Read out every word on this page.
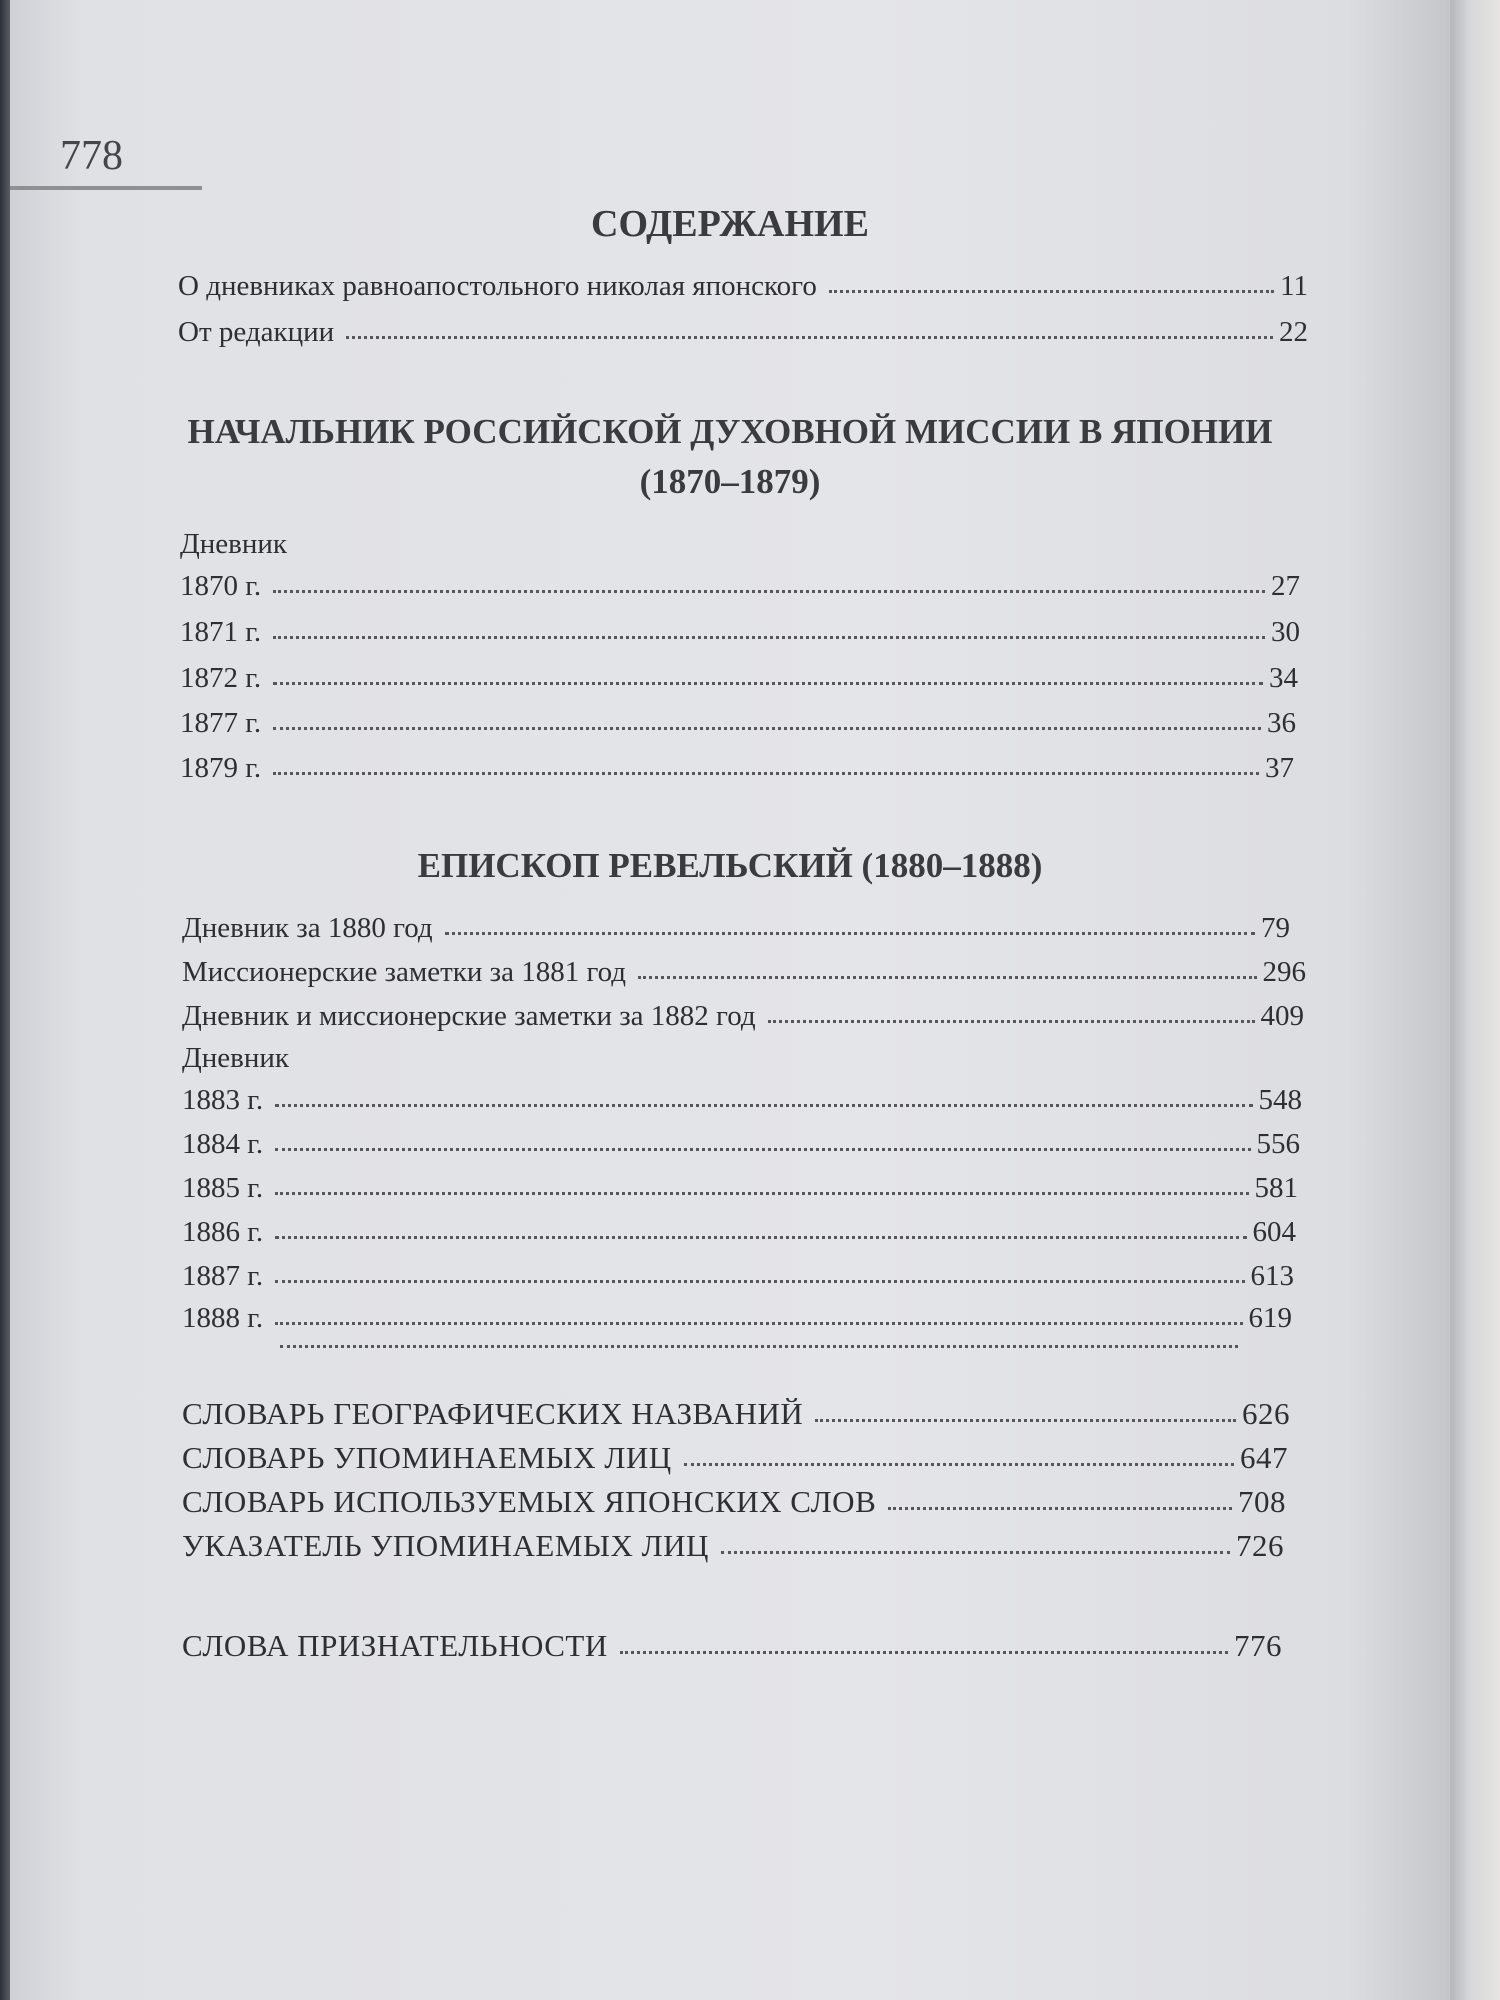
778
СОДЕРЖАНИЕ
О дневниках равноапостольного николая японского	11
От редакции	22
НАЧАЛЬНИК РОССИЙСКОЙ ДУХОВНОЙ МИССИИ В ЯПОНИИ
(1870–1879)
Дневник
1870 г.	27
1871 г.	30
1872 г.	34
1877 г.	36
1879 г.	37
ЕПИСКОП РЕВЕЛЬСКИЙ (1880–1888)
Дневник за 1880 год	79
Миссионерские заметки за 1881 год	296
Дневник и миссионерские заметки за 1882 год	409
Дневник
1883 г.	548
1884 г.	556
1885 г.	581
1886 г.	604
1887 г.	613
1888 г.	619
СЛОВАРЬ ГЕОГРАФИЧЕСКИХ НАЗВАНИЙ	626
СЛОВАРЬ УПОМИНАЕМЫХ ЛИЦ	647
СЛОВАРЬ ИСПОЛЬЗУЕМЫХ ЯПОНСКИХ СЛОВ	708
УКАЗАТЕЛЬ УПОМИНАЕМЫХ ЛИЦ	726
СЛОВА ПРИЗНАТЕЛЬНОСТИ	776
